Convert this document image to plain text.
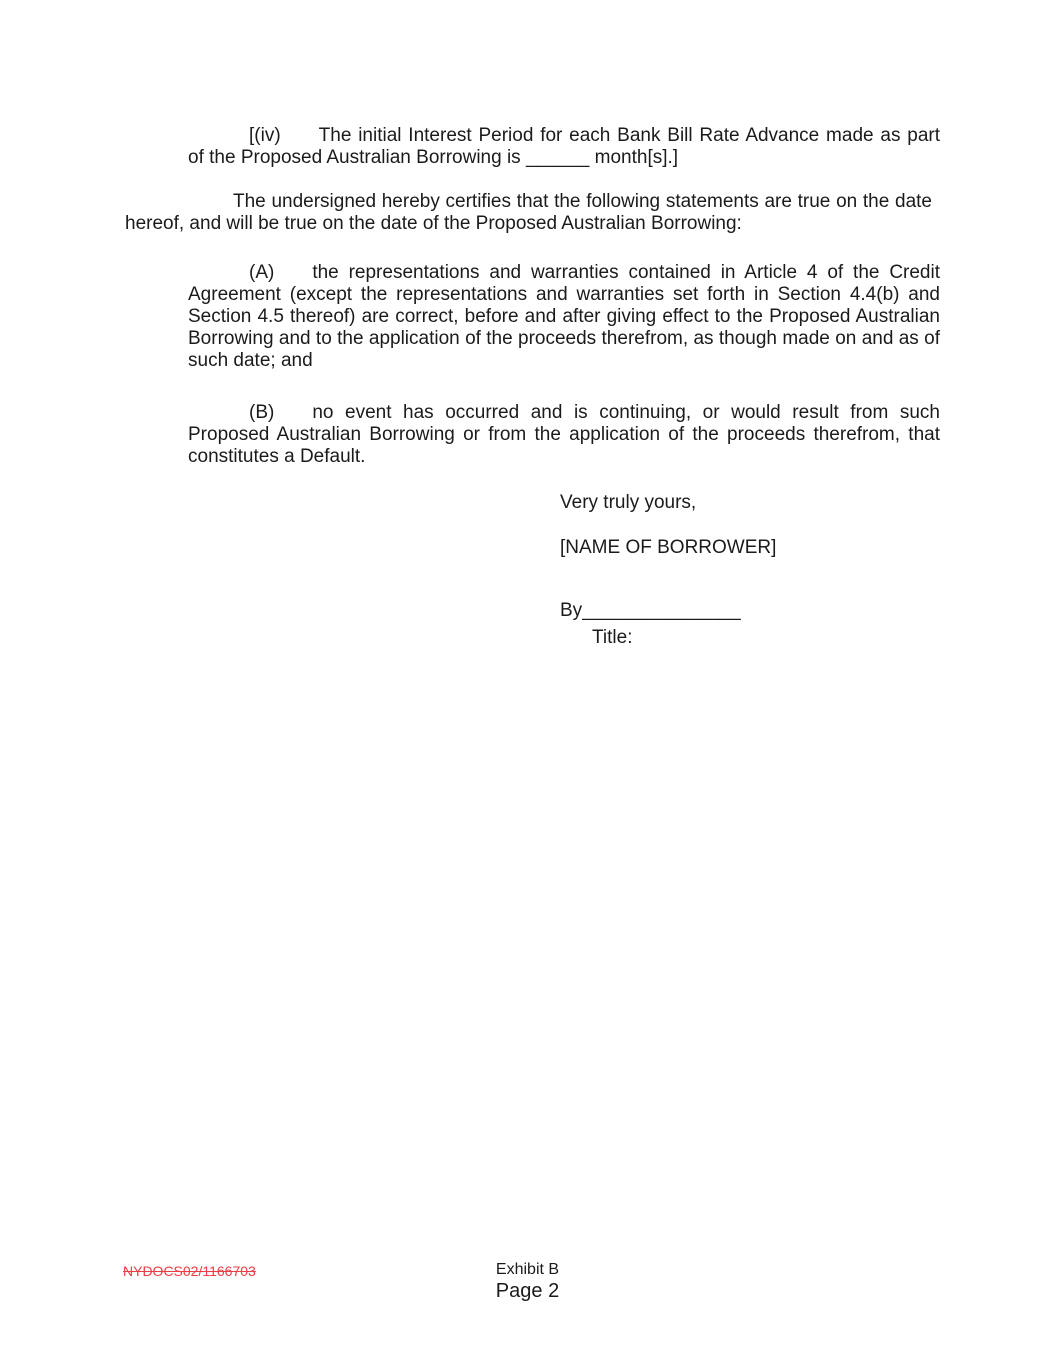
[(iv) The initial Interest Period for each Bank Bill Rate Advance made as part of the Proposed Australian Borrowing is ______ month[s].]

The undersigned hereby certifies that the following statements are true on the date hereof, and will be true on the date of the Proposed Australian Borrowing:

(A) the representations and warranties contained in Article 4 of the Credit Agreement (except the representations and warranties set forth in Section 4.4(b) and Section 4.5 thereof) are correct, before and after giving effect to the Proposed Australian Borrowing and to the application of the proceeds therefrom, as though made on and as of such date; and

(B) no event has occurred and is continuing, or would result from such Proposed Australian Borrowing or from the application of the proceeds therefrom, that constitutes a Default.

Very truly yours,
[NAME OF BORROWER]
By_______________
Title:
NYDOCS02/1166703	Exhibit B
Page 2
